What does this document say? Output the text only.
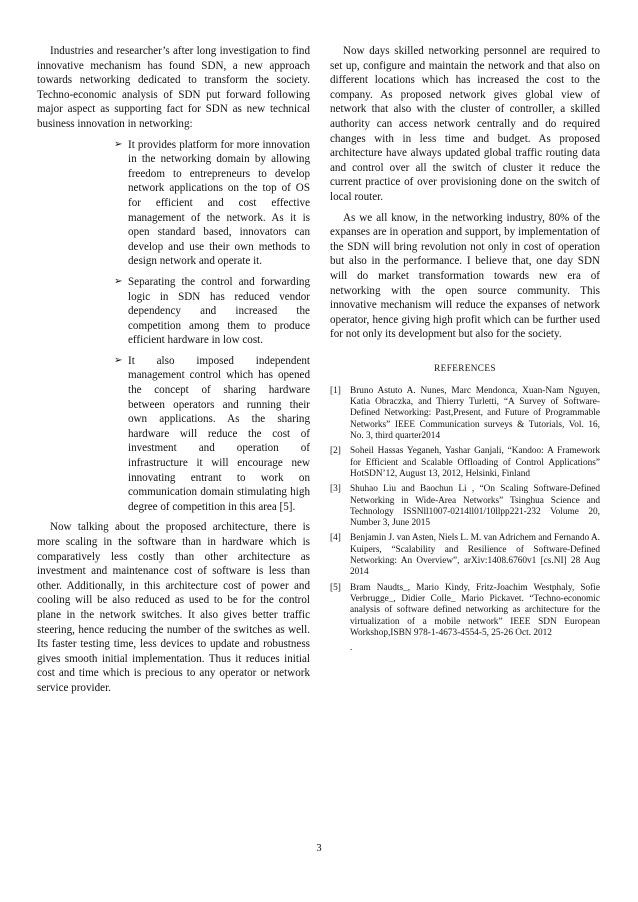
Industries and researcher’s after long investigation to find innovative mechanism has found SDN, a new approach towards networking dedicated to transform the society. Techno-economic analysis of SDN put forward following major aspect as supporting fact for SDN as new technical business innovation in networking:

➢ It provides platform for more innovation in the networking domain by allowing freedom to entrepreneurs to develop network applications on the top of OS for efficient and cost effective management of the network. As it is open standard based, innovators can develop and use their own methods to design network and operate it.
➢ Separating the control and forwarding logic in SDN has reduced vendor dependency and increased the competition among them to produce efficient hardware in low cost.
➢ It also imposed independent management control which has opened the concept of sharing hardware between operators and running their own applications. As the sharing hardware will reduce the cost of investment and operation of infrastructure it will encourage new innovating entrant to work on communication domain stimulating high degree of competition in this area [5].

Now talking about the proposed architecture, there is more scaling in the software than in hardware which is comparatively less costly than other architecture as investment and maintenance cost of software is less than other. Additionally, in this architecture cost of power and cooling will be also reduced as used to be for the control plane in the network switches. It also gives better traffic steering, hence reducing the number of the switches as well. Its faster testing time, less devices to update and robustness gives smooth initial implementation. Thus it reduces initial cost and time which is precious to any operator or network service provider.

Now days skilled networking personnel are required to set up, configure and maintain the network and that also on different locations which has increased the cost to the company. As proposed network gives global view of network that also with the cluster of controller, a skilled authority can access network centrally and do required changes with in less time and budget. As proposed architecture have always updated global traffic routing data and control over all the switch of cluster it reduce the current practice of over provisioning done on the switch of local router.

As we all know, in the networking industry, 80% of the expanses are in operation and support, by implementation of the SDN will bring revolution not only in cost of operation but also in the performance. I believe that, one day SDN will do market transformation towards new era of networking with the open source community. This innovative mechanism will reduce the expanses of network operator, hence giving high profit which can be further used for not only its development but also for the society.

REFERENCES
[1] Bruno Astuto A. Nunes, Marc Mendonca, Xuan-Nam Nguyen, Katia Obraczka, and Thierry Turletti, “A Survey of Software-Defined Networking: Past,Present, and Future of Programmable Networks” IEEE Communication surveys & Tutorials, Vol. 16, No. 3, third quarter2014
[2] Soheil Hassas Yeganeh, Yashar Ganjali, “Kandoo: A Framework for Efficient and Scalable Offloading of Control Applications” HotSDN’12, August 13, 2012, Helsinki, Finland
[3] Shuhao Liu and Baochun Li , “On Scaling Software-Defined Networking in Wide-Area Networks” Tsinghua Science and Technology ISSNll1007-0214ll01/10llpp221-232 Volume 20, Number 3, June 2015
[4] Benjamin J. van Asten, Niels L. M. van Adrichem and Fernando A. Kuipers, “Scalability and Resilience of Software-Defined Networking: An Overview”, arXiv:1408.6760v1 [cs.NI] 28 Aug 2014
[5] Bram Naudts_, Mario Kindy, Fritz-Joachim Westphaly, Sofie Verbrugge_, Didier Colle_ Mario Pickavet. “Techno-economic analysis of software defined networking as architecture for the virtualization of a mobile network” IEEE SDN European Workshop,ISBN 978-1-4673-4554-5, 25-26 Oct. 2012
.
3
